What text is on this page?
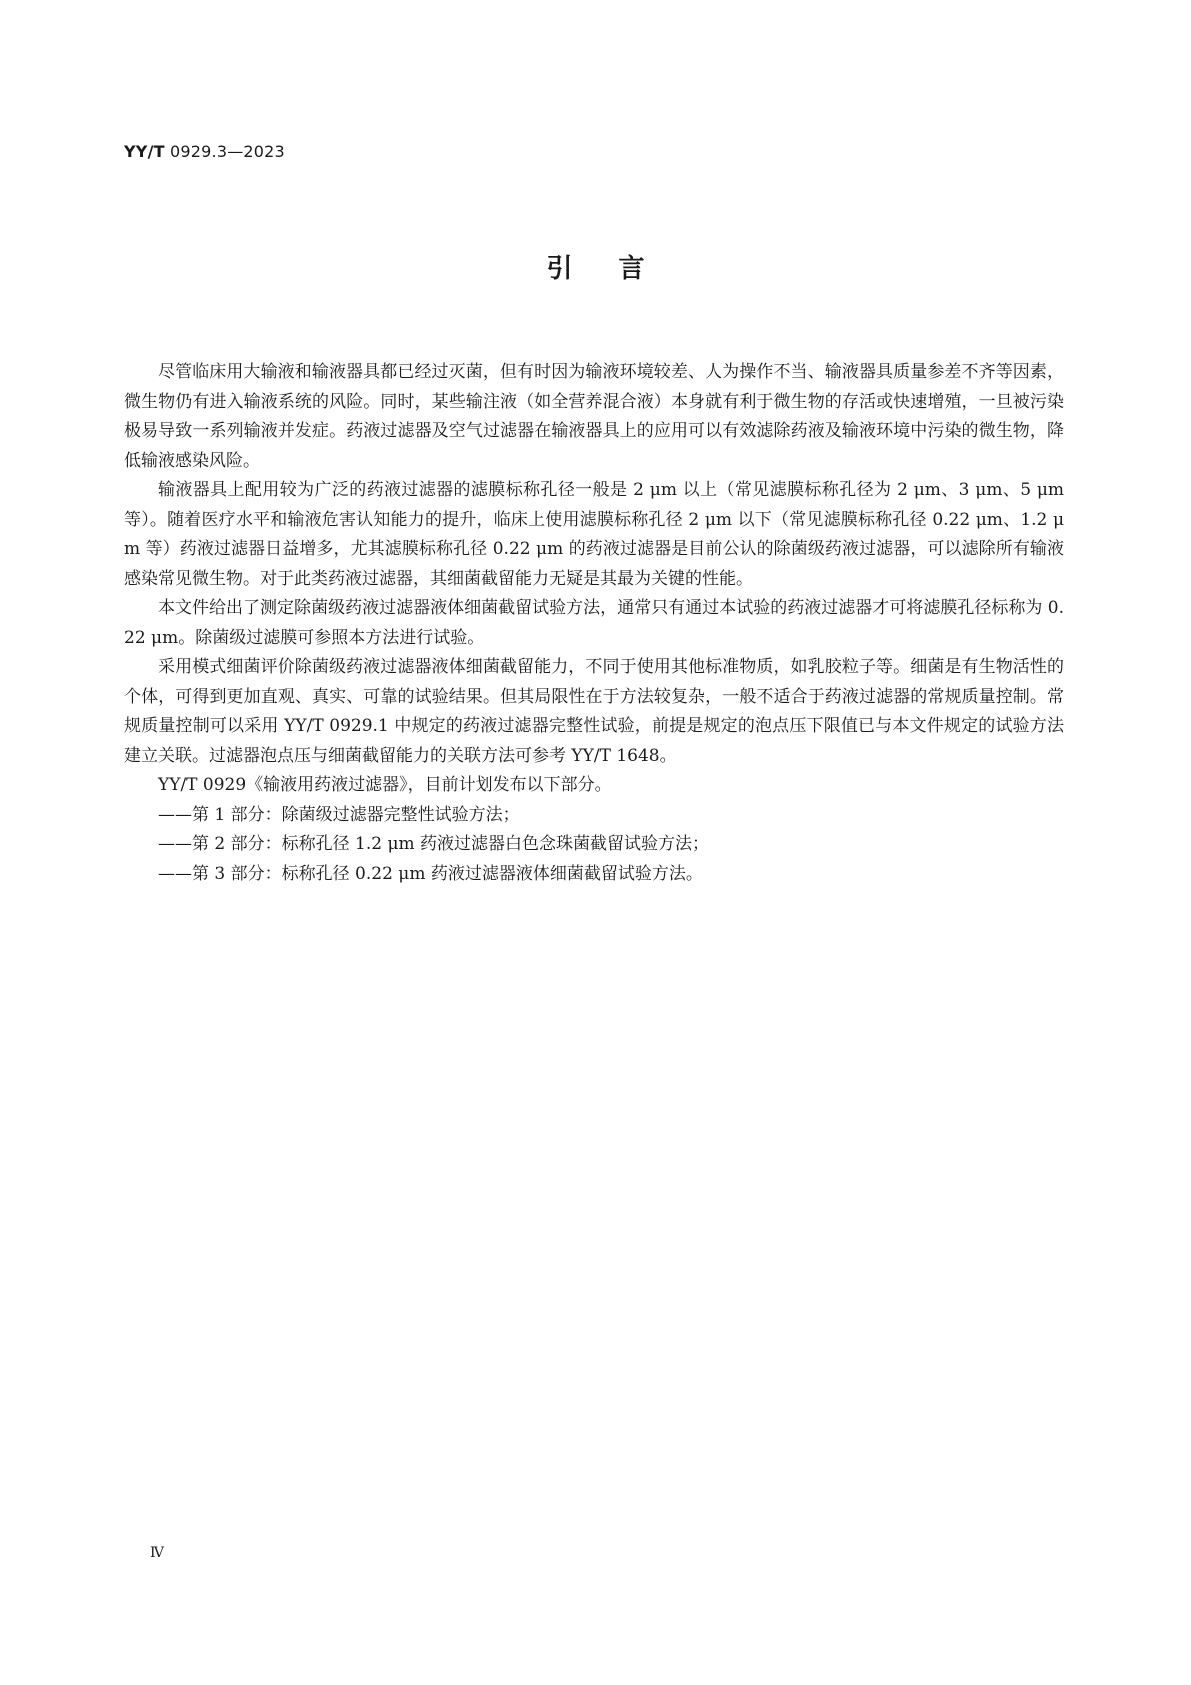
YY/T 0929.3—2023
引言

尽管临床用大输液和输液器具都已经过灭菌，但有时因为输液环境较差、人为操作不当、输液器具质量参差不齐等因素，微生物仍有进入输液系统的风险。同时，某些输注液（如全营养混合液）本身就有利于微生物的存活或快速增殖，一旦被污染极易导致一系列输液并发症。药液过滤器及空气过滤器在输液器具上的应用可以有效滤除药液及输液环境中污染的微生物，降低输液感染风险。

输液器具上配用较为广泛的药液过滤器的滤膜标称孔径一般是 2 μm 以上（常见滤膜标称孔径为 2 μm、3 μm、5 μm 等）。随着医疗水平和输液危害认知能力的提升，临床上使用滤膜标称孔径 2 μm 以下（常见滤膜标称孔径 0.22 μm、1.2 μm 等）药液过滤器日益增多，尤其滤膜标称孔径 0.22 μm 的药液过滤器是目前公认的除菌级药液过滤器，可以滤除所有输液感染常见微生物。对于此类药液过滤器，其细菌截留能力无疑是其最为关键的性能。

本文件给出了测定除菌级药液过滤器液体细菌截留试验方法，通常只有通过本试验的药液过滤器才可将滤膜孔径标称为 0.22 μm。除菌级过滤膜可参照本方法进行试验。

采用模式细菌评价除菌级药液过滤器液体细菌截留能力，不同于使用其他标准物质，如乳胶粒子等。细菌是有生物活性的个体，可得到更加直观、真实、可靠的试验结果。但其局限性在于方法较复杂，一般不适合于药液过滤器的常规质量控制。常规质量控制可以采用 YY/T 0929.1 中规定的药液过滤器完整性试验，前提是规定的泡点压下限值已与本文件规定的试验方法建立关联。过滤器泡点压与细菌截留能力的关联方法可参考 YY/T 1648。

YY/T 0929《输液用药液过滤器》，目前计划发布以下部分。

——第 1 部分：除菌级过滤器完整性试验方法；

——第 2 部分：标称孔径 1.2 μm 药液过滤器白色念珠菌截留试验方法；

——第 3 部分：标称孔径 0.22 μm 药液过滤器液体细菌截留试验方法。

Ⅳ
